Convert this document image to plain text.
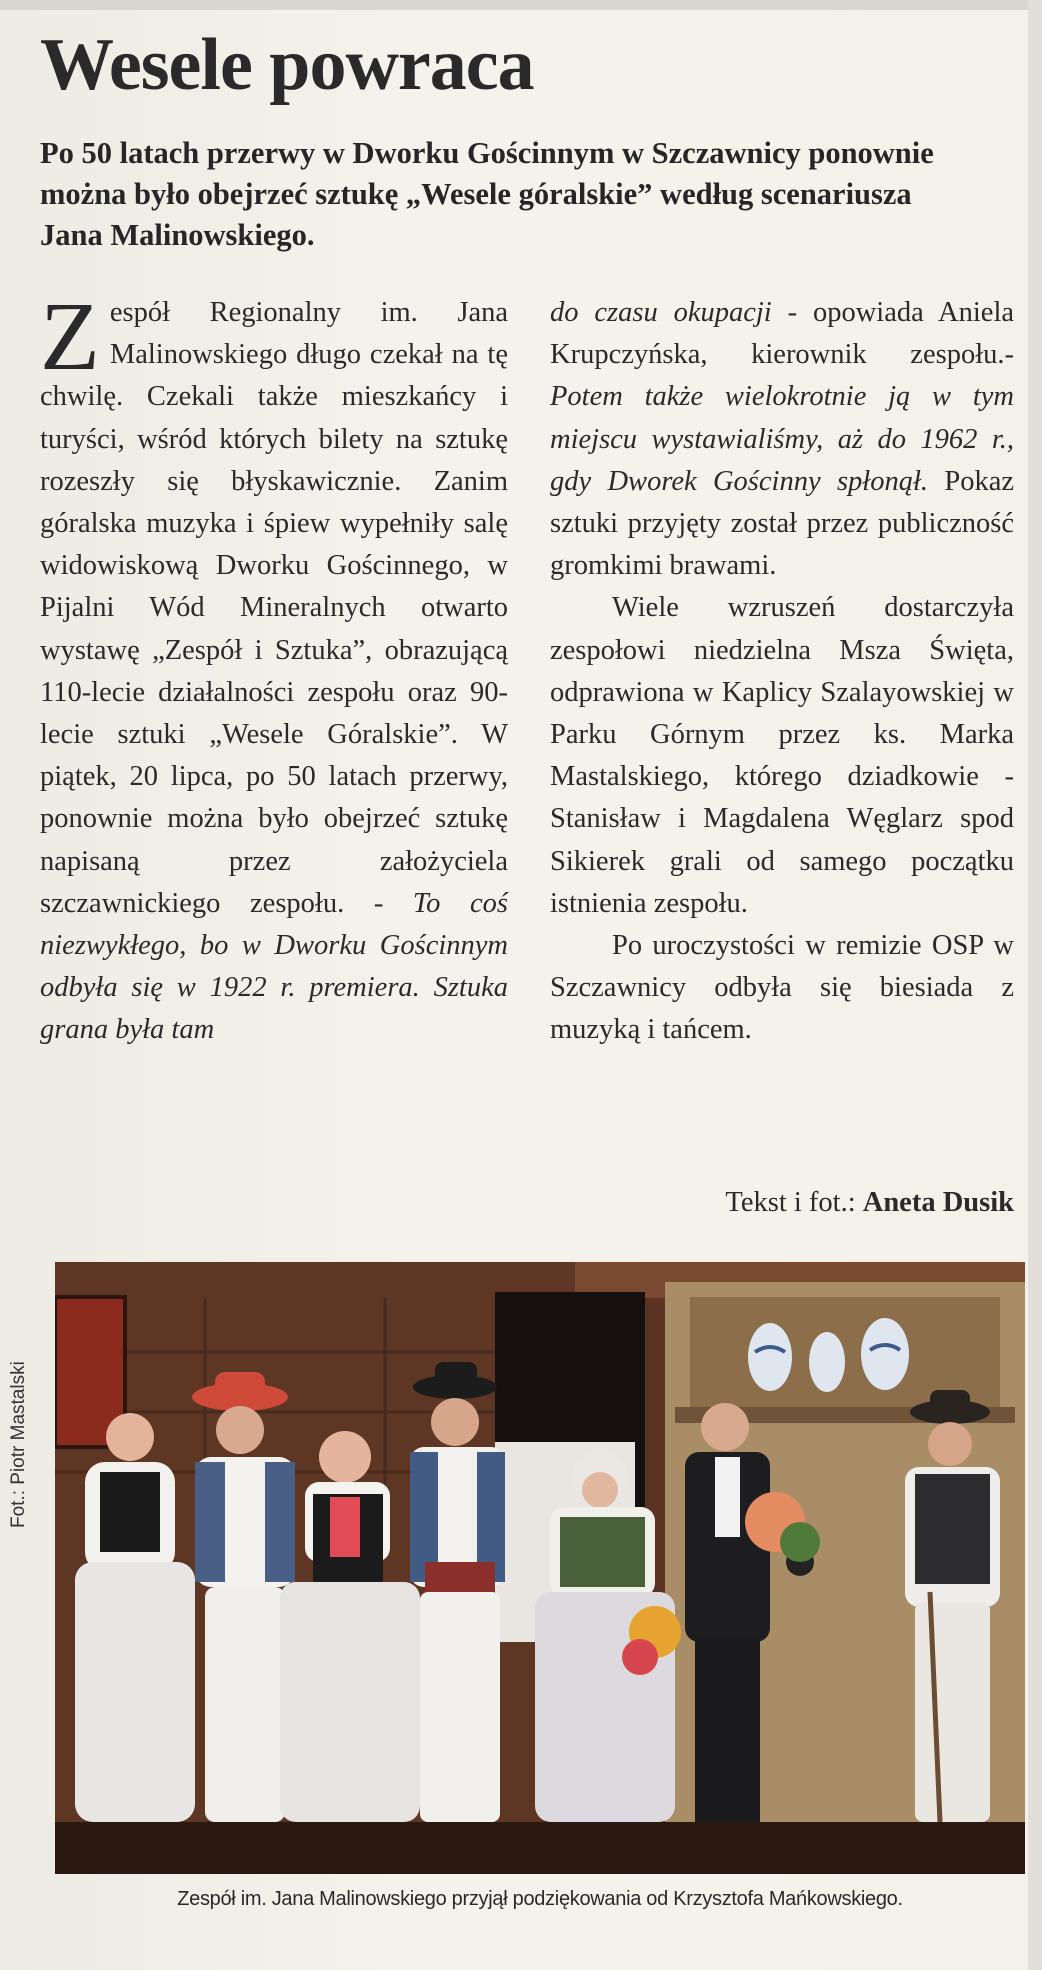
Wesele powraca
Po 50 latach przerwy w Dworku Gościnnym w Szczawnicy ponownie można było obejrzeć sztukę „Wesele góralskie” według scenariusza Jana Malinowskiego.

Z espół Regionalny im. Jana Malinowskiego długo czekał na tę chwilę. Czekali także mieszkańcy i turyści, wśród których bilety na sztukę rozeszły się błyskawicznie. Zanim góralska muzyka i śpiew wypełniły salę widowiskową Dworku Gościnnego, w Pijalni Wód Mineralnych otwarto wystawę „Zespół i Sztuka”, obrazującą 110-lecie działalności zespołu oraz 90-lecie sztuki „Wesele Góralskie”. W piątek, 20 lipca, po 50 latach przerwy, ponownie można było obejrzeć sztukę napisaną przez założyciela szczawnickiego zespołu. - To coś niezwykłego, bo w Dworku Gościnnym odbyła się w 1922 r. premiera. Sztuka grana była tam

do czasu okupacji - opowiada Aniela Krupczyńska, kierownik zespołu.- Potem także wielokrotnie ją w tym miejscu wystawialiśmy, aż do 1962 r., gdy Dworek Gościnny spłonął. Pokaz sztuki przyjęty został przez publiczność gromkimi brawami.

Wiele wzruszeń dostarczyła zespołowi niedzielna Msza Święta, odprawiona w Kaplicy Szalayowskiej w Parku Górnym przez ks. Marka Mastalskiego, którego dziadkowie - Stanisław i Magdalena Węglarz spod Sikierek grali od samego początku istnienia zespołu.

Po uroczystości w remizie OSP w Szczawnicy odbyła się biesiada z muzyką i tańcem.

Tekst i fot.: Aneta Dusik
Fot.: Piotr Mastalski
Zespół im. Jana Malinowskiego przyjął podziękowania od Krzysztofa Mańkowskiego.
